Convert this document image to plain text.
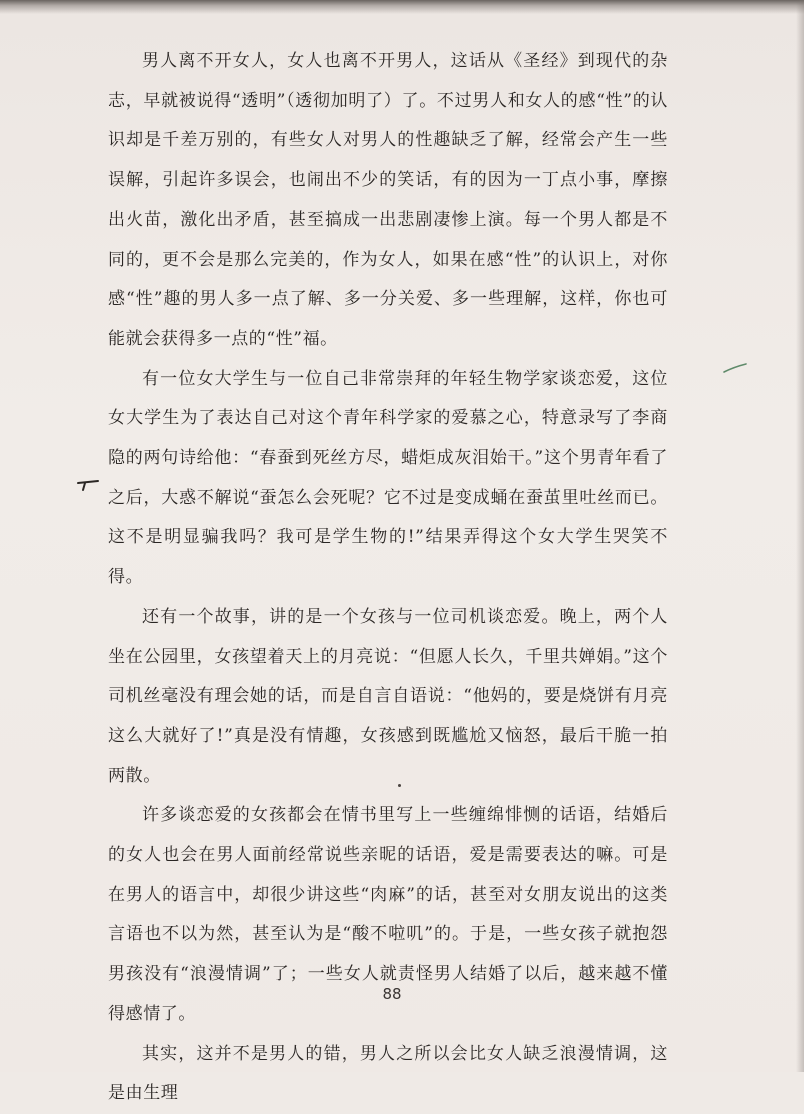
男人离不开女人，女人也离不开男人，这话从《圣经》到现代的杂志，早就被说得“透明”（透彻加明了）了。不过男人和女人的感“性”的认识却是千差万别的，有些女人对男人的性趣缺乏了解，经常会产生一些误解，引起许多误会，也闹出不少的笑话，有的因为一丁点小事，摩擦出火苗，激化出矛盾，甚至搞成一出悲剧凄惨上演。每一个男人都是不同的，更不会是那么完美的，作为女人，如果在感“性”的认识上，对你感“性”趣的男人多一点了解、多一分关爱、多一些理解，这样，你也可能就会获得多一点的“性”福。

有一位女大学生与一位自己非常崇拜的年轻生物学家谈恋爱，这位女大学生为了表达自己对这个青年科学家的爱慕之心，特意录写了李商隐的两句诗给他：“春蚕到死丝方尽，蜡炬成灰泪始干。”这个男青年看了之后，大惑不解说“蚕怎么会死呢？它不过是变成蛹在蚕茧里吐丝而已。这不是明显骗我吗？我可是学生物的!”结果弄得这个女大学生哭笑不得。

还有一个故事，讲的是一个女孩与一位司机谈恋爱。晚上，两个人坐在公园里，女孩望着天上的月亮说：“但愿人长久，千里共婵娟。”这个司机丝毫没有理会她的话，而是自言自语说：“他妈的，要是烧饼有月亮这么大就好了!”真是没有情趣，女孩感到既尴尬又恼怒，最后干脆一拍两散。

许多谈恋爱的女孩都会在情书里写上一些缠绵悱恻的话语，结婚后的女人也会在男人面前经常说些亲昵的话语，爱是需要表达的嘛。可是在男人的语言中，却很少讲这些“肉麻”的话，甚至对女朋友说出的这类言语也不以为然，甚至认为是“酸不啦叽”的。于是，一些女孩子就抱怨男孩没有“浪漫情调”了；一些女人就责怪男人结婚了以后，越来越不懂得感情了。

其实，这并不是男人的错，男人之所以会比女人缺乏浪漫情调，这是由生理

88
